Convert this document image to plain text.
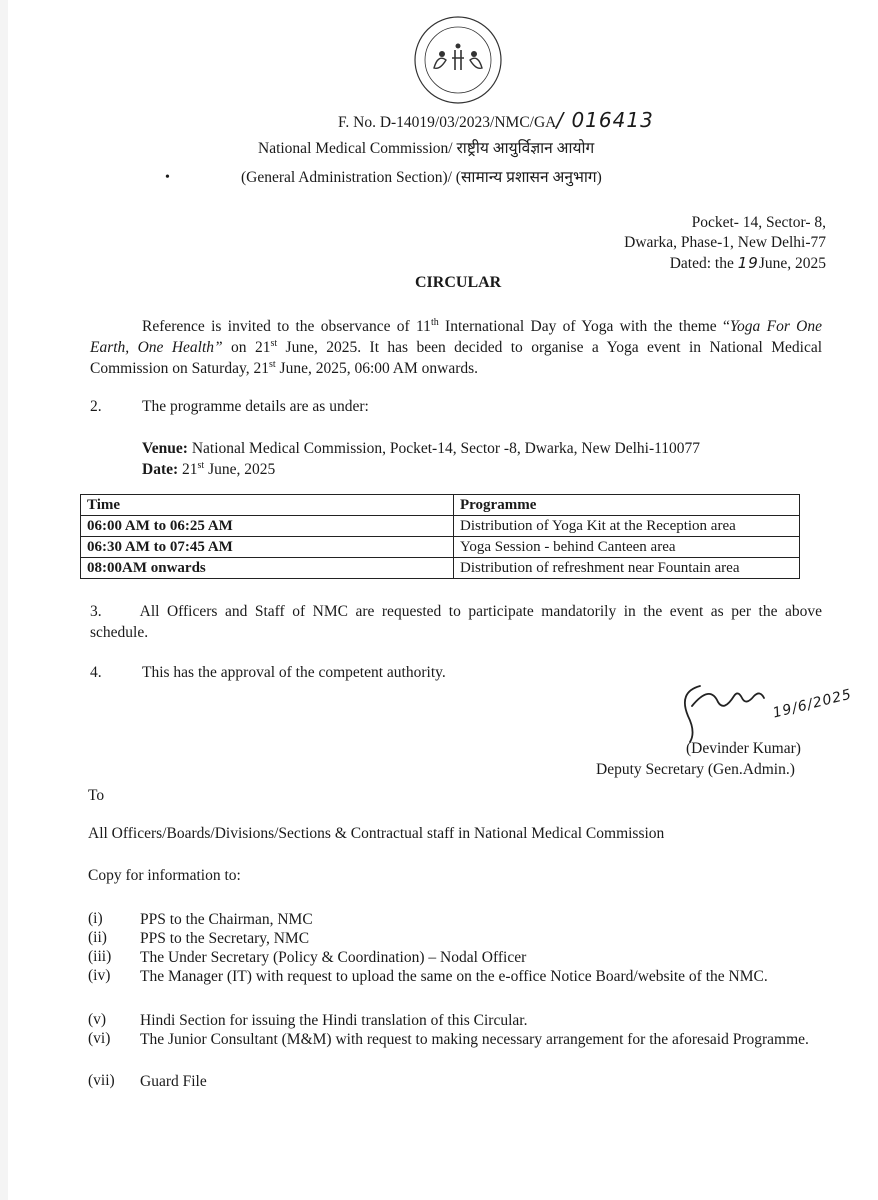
F. No. D-14019/03/2023/NMC/GA/ 016413
National Medical Commission/ राष्ट्रीय आयुर्विज्ञान आयोग
•	(General Administration Section)/ (सामान्य प्रशासन अनुभाग)
Pocket- 14, Sector- 8,
Dwarka, Phase-1, New Delhi-77
Dated: the 19June, 2025
CIRCULAR
Reference is invited to the observance of 11th International Day of Yoga with the theme “Yoga For One Earth, One Health” on 21st June, 2025. It has been decided to organise a Yoga event in National Medical Commission on Saturday, 21st June, 2025, 06:00 AM onwards.
2.	The programme details are as under:
Venue: National Medical Commission, Pocket-14, Sector -8, Dwarka, New Delhi-110077
Date: 21st June, 2025
Time	Programme
06:00 AM to 06:25 AM	Distribution of Yoga Kit at the Reception area
06:30 AM to 07:45 AM	Yoga Session - behind Canteen area
08:00AM onwards	Distribution of refreshment near Fountain area
3. All Officers and Staff of NMC are requested to participate mandatorily in the event as per the above schedule.
4.	This has the approval of the competent authority.
19/6/2025
(Devinder Kumar)
Deputy Secretary (Gen.Admin.)
To
All Officers/Boards/Divisions/Sections & Contractual staff in National Medical Commission
Copy for information to:
(i) PPS to the Chairman, NMC
(ii) PPS to the Secretary, NMC
(iii) The Under Secretary (Policy & Coordination) – Nodal Officer
(iv) The Manager (IT) with request to upload the same on the e-office Notice Board/website of the NMC.
(v) Hindi Section for issuing the Hindi translation of this Circular.
(vi) The Junior Consultant (M&M) with request to making necessary arrangement for the aforesaid Programme.
(vii) Guard File
